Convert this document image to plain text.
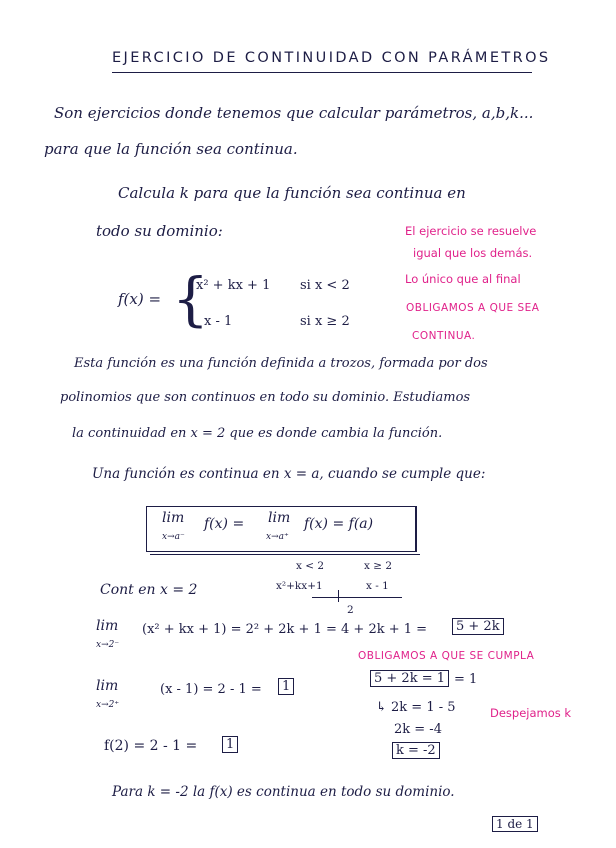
EJERCICIO DE CONTINUIDAD CON PARÁMETROS
Son ejercicios donde tenemos que calcular parámetros, a,b,k...
para que la función sea continua.
Calcula k para que la función sea continua en
todo su dominio:	El ejercicio se resuelve
igual que los demás.
Lo único que al final
OBLIGAMOS A QUE SEA
CONTINUA.
f(x) = {
x² + kx + 1 si x < 2
x - 1	si x ≥ 2
Esta función es una función definida a trozos, formada por dos
polinomios que son continuos en todo su dominio. Estudiamos
la continuidad en x = 2 que es donde cambia la función.
Una función es continua en x = a, cuando se cumple que:
lim
x→a⁻
f(x) = lim
x→a⁺
f(x) = f(a)
Cont en x = 2
x < 2	x ≥ 2
x²+kx+1	x - 1
2
lim
x→2⁻
(x² + kx + 1) = 2² + 2k + 1 = 4 + 2k + 1 =	5 + 2k
OBLIGAMOS A QUE SE CUMPLA
lim
x→2⁺
(x - 1) = 2 - 1 =	1
5 + 2k = 1 = 1
↳ 2k = 1 - 5
2k = -4
k = -2
Despejamos k
f(2) = 2 - 1 =	1
Para k = -2 la f(x) es continua en todo su dominio.
1 de 1
